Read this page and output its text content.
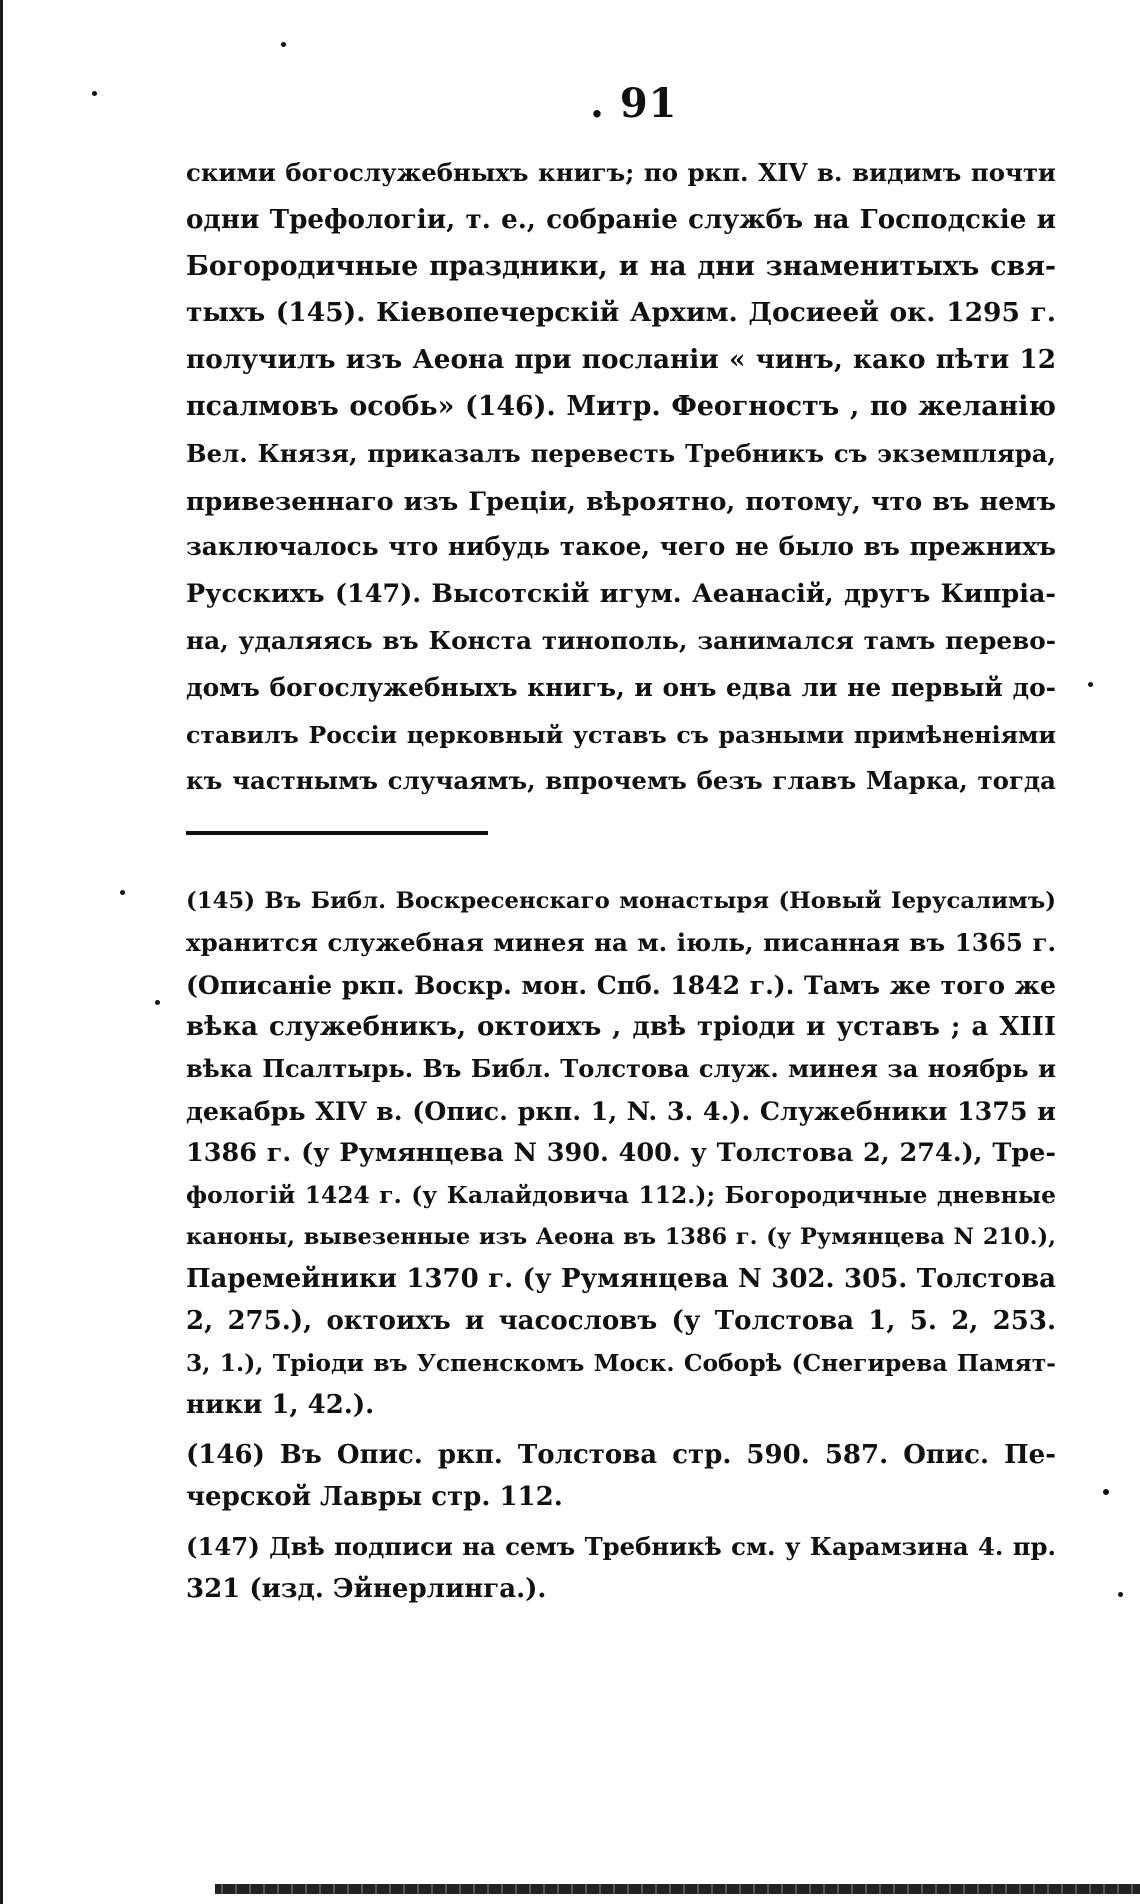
. 91
скими богослужебныхъ книгъ; по ркп. XIV в. видимъ почти
одни Трефологіи, т. е., собраніе службъ на Господскіе и
Богородичные праздники, и на дни знаменитыхъ свя-
тыхъ (145). Кіевопечерскій Архим. Досиеей ок. 1295 г.
получилъ изъ Аеона при посланіи « чинъ, како пѣти 12
псалмовъ особь» (146). Митр. Феогностъ , по желанію
Вел. Князя, приказалъ перевесть Требникъ съ экземпляра,
привезеннаго изъ Греціи, вѣроятно, потому, что въ немъ
заключалось что нибудь такое, чего не было въ прежнихъ
Русскихъ (147). Высотскій игум. Аеанасій, другъ Кипріа-
на, удаляясь въ Конста тинополь, занимался тамъ перево-
домъ богослужебныхъ книгъ, и онъ едва ли не первый до-
ставилъ Россіи церковный уставъ съ разными примѣненіями
къ частнымъ случаямъ, впрочемъ безъ главъ Марка, тогда
(145) Въ Библ. Воскресенскаго монастыря (Новый Іерусалимъ)
хранится служебная минея на м. іюль, писанная въ 1365 г.
(Описаніе ркп. Воскр. мон. Спб. 1842 г.). Тамъ же того же
вѣка служебникъ, октоихъ , двѣ тріоди и уставъ ; а XIII
вѣка Псалтырь. Въ Библ. Толстова служ. минея за ноябрь и
декабрь XIV в. (Опис. ркп. 1, N. 3. 4.). Служебники 1375 и
1386 г. (у Румянцева N 390. 400. у Толстова 2, 274.), Тре-
фологій 1424 г. (у Калайдовича 112.); Богородичные дневные
каноны, вывезенные изъ Аеона въ 1386 г. (у Румянцева N 210.),
Паремейники 1370 г. (у Румянцева N 302. 305. Толстова
2, 275.), октоихъ и часословъ (у Толстова 1, 5. 2, 253.
3, 1.), Тріоди въ Успенскомъ Моск. Соборѣ (Снегирева Памят-
ники 1, 42.).
(146) Въ Опис. ркп. Толстова стр. 590. 587. Опис. Пе-
черской Лавры стр. 112.
(147) Двѣ подписи на семъ Требникѣ см. у Карамзина 4. пр.
321 (изд. Эйнерлинга.).
